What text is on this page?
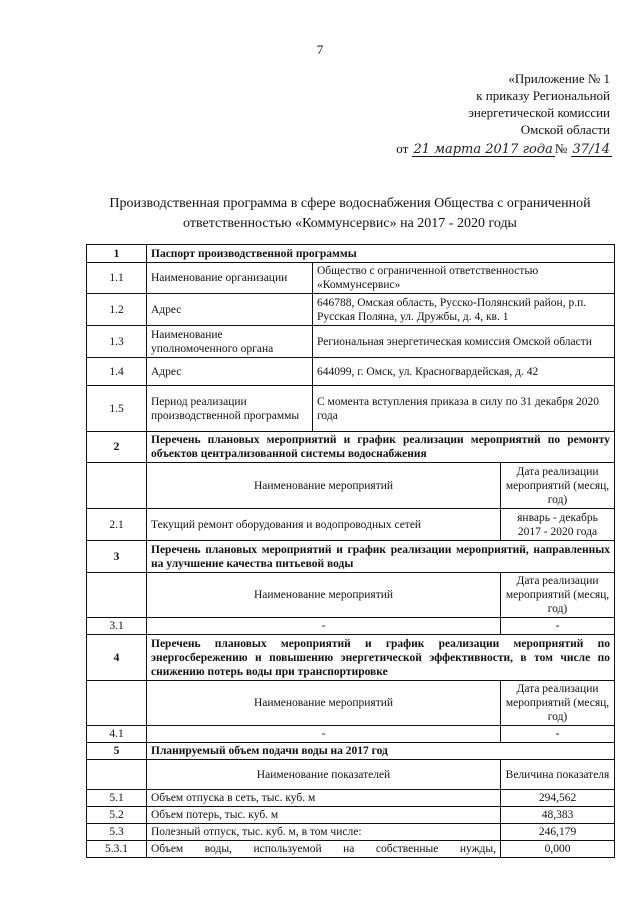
7
«Приложение № 1
к приказу Региональной
энергетической комиссии
Омской области
от 21 марта 2017 года № 37/14
Производственная программа в сфере водоснабжения Общества с ограниченной
ответственностью «Коммунсервис» на 2017 - 2020 годы
1	Паспорт производственной программы		
1.1	Наименование организации	Общество с ограниченной ответственностью «Коммунсервис»	
1.2	Адрес	646788, Омская область, Русско-Полянский район, р.п. Русская Поляна, ул. Дружбы, д. 4, кв. 1	
1.3	Наименование уполномоченного органа	Региональная энергетическая комиссия Омской области	
1.4	Адрес	644099, г. Омск, ул. Красногвардейская, д. 42	
1.5	Период реализации производственной программы	С момента вступления приказа в силу по 31 декабря 2020 года	
2	Перечень плановых мероприятий и график реализации мероприятий по ремонту объектов централизованной системы водоснабжения		
	Наименование мероприятий		Дата реализации мероприятий (месяц, год)
2.1	Текущий ремонт оборудования и водопроводных сетей		январь - декабрь 2017 - 2020 года
3	Перечень плановых мероприятий и график реализации мероприятий, направленных на улучшение качества питьевой воды		
	Наименование мероприятий		Дата реализации мероприятий (месяц, год)
3.1	-		-
4	Перечень плановых мероприятий и график реализации мероприятий по энергосбережению и повышению энергетической эффективности, в том числе по снижению потерь воды при транспортировке		
	Наименование мероприятий		Дата реализации мероприятий (месяц, год)
4.1	-		-
5	Планируемый объем подачи воды на 2017 год		
	Наименование показателей		Величина показателя
5.1	Объем отпуска в сеть, тыс. куб. м		294,562
5.2	Объем потерь, тыс. куб. м		48,383
5.3	Полезный отпуск, тыс. куб. м, в том числе:		246,179
5.3.1	Объем воды, используемой на собственные нужды,		0,000
